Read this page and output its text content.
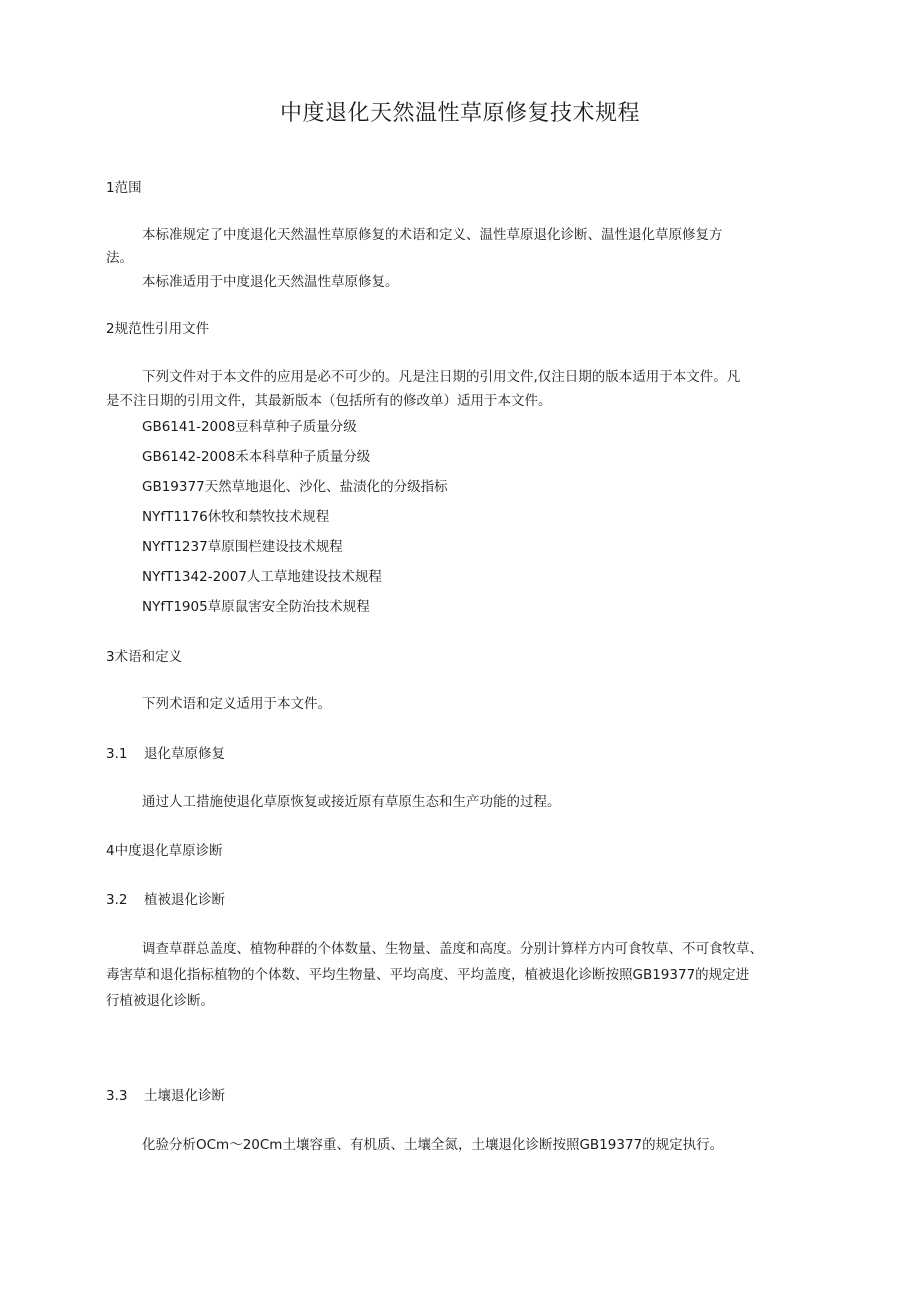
中度退化天然温性草原修复技术规程
1范围
本标准规定了中度退化天然温性草原修复的术语和定义、温性草原退化诊断、温性退化草原修复方
法。
本标准适用于中度退化天然温性草原修复。
2规范性引用文件
下列文件对于本文件的应用是必不可少的。凡是注日期的引用文件,仅注日期的版本适用于本文件。凡
是不注日期的引用文件，其最新版本（包括所有的修改单）适用于本文件。
GB6141-2008豆科草种子质量分级
GB6142-2008禾本科草种子质量分级
GB19377天然草地退化、沙化、盐渍化的分级指标
NYfT1176休牧和禁牧技术规程
NYfT1237草原围栏建设技术规程
NYfT1342-2007人工草地建设技术规程
NYfT1905草原鼠害安全防治技术规程
3术语和定义
下列术语和定义适用于本文件。
3.1 退化草原修复
通过人工措施使退化草原恢复或接近原有草原生态和生产功能的过程。
4中度退化草原诊断
3.2 植被退化诊断
调查草群总盖度、植物种群的个体数量、生物量、盖度和高度。分别计算样方内可食牧草、不可食牧草、
毒害草和退化指标植物的个体数、平均生物量、平均高度、平均盖度，植被退化诊断按照GB19377的规定进
行植被退化诊断。
3.3 土壤退化诊断
化验分析OCm～20Cm土壤容重、有机质、土壤全氮，土壤退化诊断按照GB19377的规定执行。
